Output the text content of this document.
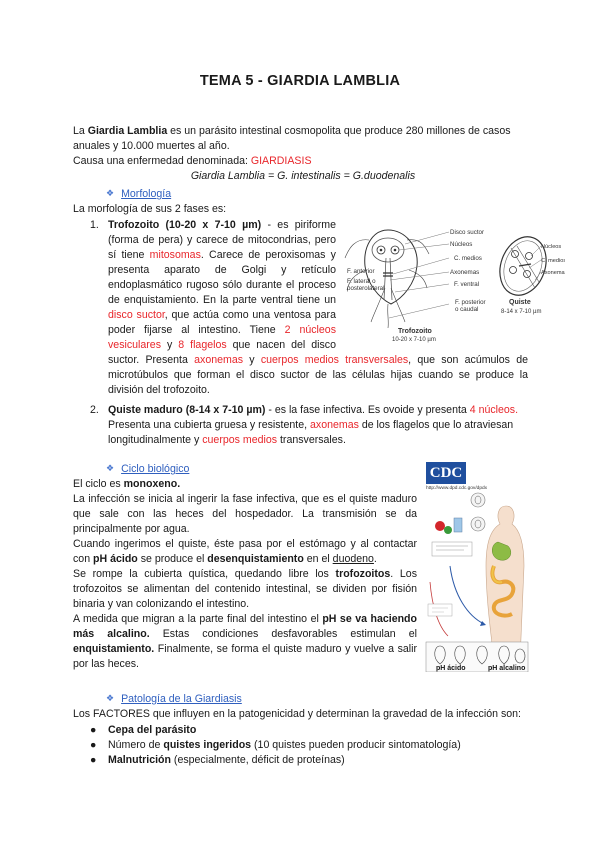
TEMA 5 - GIARDIA LAMBLIA
La Giardia Lamblia es un parásito intestinal cosmopolita que produce 280 millones de casos
anuales y 10.000 muertes al año.
Causa una enfermedad denominada: GIARDIASIS
Giardia Lamblia = G. intestinalis = G.duodenalis
❖ Morfología
La morfología de sus 2 fases es:
1. Trofozoito (10-20 x 7-10 µm) - es piriforme
(forma de pera) y carece de mitocondrias, pero
sí tiene mitosomas. Carece de peroxisomas y
presenta aparato de Golgi y retículo
endoplasmático rugoso sólo durante el proceso
de enquistamiento. En la parte ventral tiene un
disco suctor, que actúa como una ventosa para
poder fijarse al intestino. Tiene 2 núcleos
vesiculares y 8 flagelos que nacen del disco
suctor. Presenta axonemas y cuerpos medios transversales, que son acúmulos de
microtúbulos que forman el disco suctor de las células hijas cuando se produce la
división del trofozoito.
2. Quiste maduro (8-14 x 7-10 µm) - es la fase infectiva. Es ovoide y presenta 4 núcleos.
Presenta una cubierta gruesa y resistente, axonemas de los flagelos que lo atraviesan
longitudinalmente y cuerpos medios transversales.
Disco suctor
Núcleos
C. medios
Axonemas
F. ventral
F. posterior
o caudal
F. anterior
F. lateral o
posterolateral
Trofozoito
10-20 x 7-10 µm
Núcleos
C. medios
Axonemas
Quiste
8-14 x 7-10 µm
❖ Ciclo biológico
El ciclo es monoxeno.
La infección se inicia al ingerir la fase infectiva, que es el quiste maduro
que sale con las heces del hospedador. La transmisión se da
principalmente por agua.
Cuando ingerimos el quiste, éste pasa por el estómago y al contactar
con pH ácido se produce el desenquistamiento en el duodeno.
Se rompe la cubierta quística, quedando libre los trofozoitos. Los
trofozoitos se alimentan del contenido intestinal, se dividen por fisión
binaria y van colonizando el intestino.
A medida que migran a la parte final del intestino el pH se va haciendo
más alcalino. Estas condiciones desfavorables estimulan el
enquistamiento. Finalmente, se forma el quiste maduro y vuelve a salir
por las heces.
CDC
http://www.dpd.cdc.gov/dpdx
pH ácido	pH alcalino
❖ Patología de la Giardiasis
Los FACTORES que influyen en la patogenicidad y determinan la gravedad de la infección son:
● Cepa del parásito
● Número de quistes ingeridos (10 quistes pueden producir sintomatología)
● Malnutrición (especialmente, déficit de proteínas)
